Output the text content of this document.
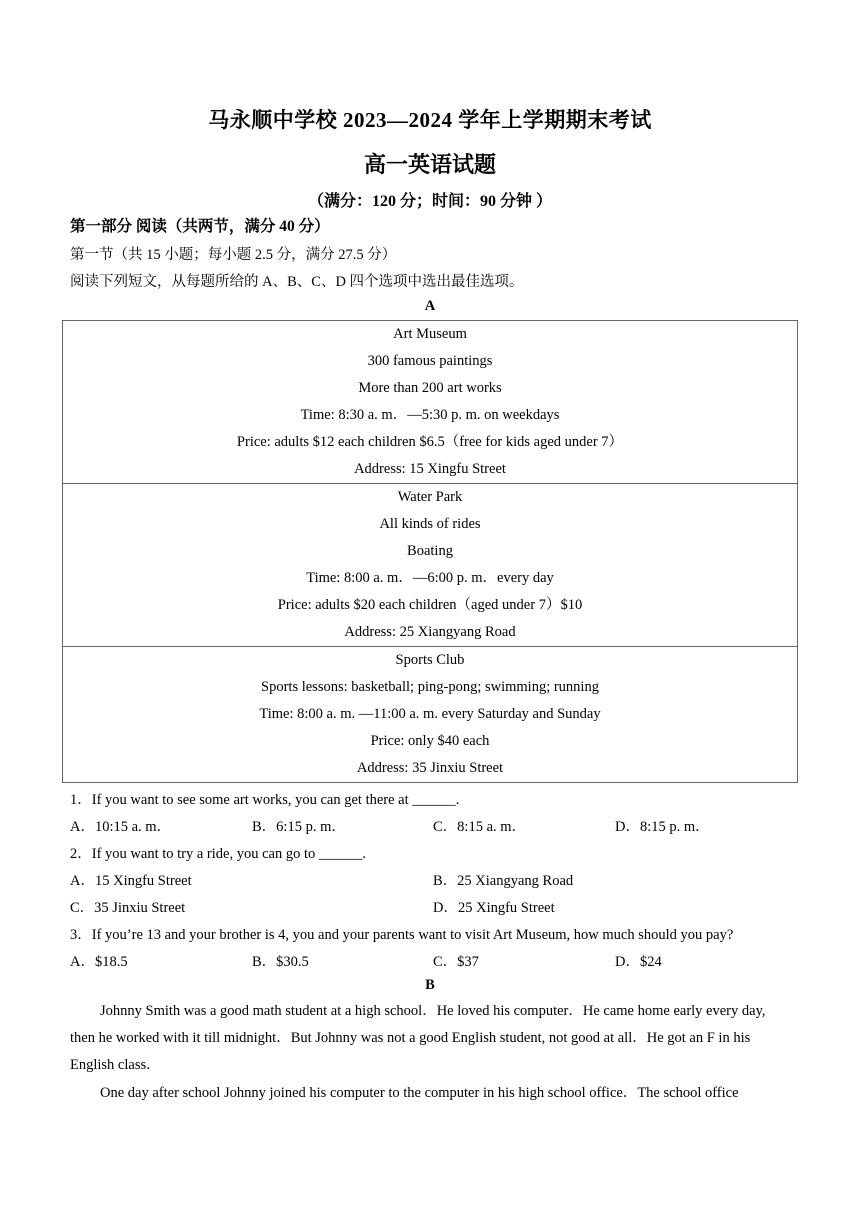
马永顺中学校 2023—2024 学年上学期期末考试
高一英语试题
（满分：120 分；时间：90 分钟 ）
第一部分 阅读（共两节，满分 40 分）
第一节（共 15 小题；每小题 2.5 分，满分 27.5 分）
阅读下列短文，从每题所给的 A、B、C、D 四个选项中选出最佳选项。
A
Art Museum
300 famous paintings
More than 200 art works
Time: 8:30 a. m．—5:30 p. m. on weekdays
Price: adults $12 each children $6.5（free for kids aged under 7）
Address: 15 Xingfu Street
Water Park
All kinds of rides
Boating
Time: 8:00 a. m．—6:00 p. m．every day
Price: adults $20 each children（aged under 7）$10
Address: 25 Xiangyang Road
Sports Club
Sports lessons: basketball; ping-pong; swimming; running
Time: 8:00 a. m. —11:00 a. m. every Saturday and Sunday
Price: only $40 each
Address: 35 Jinxiu Street
1．If you want to see some art works, you can get there at ______.
A．10:15 a. m．	B．6:15 p. m．	C．8:15 a. m．	D．8:15 p. m．
2．If you want to try a ride, you can go to ______.
A．15 Xingfu Street	B．25 Xiangyang Road
C．35 Jinxiu Street	D．25 Xingfu Street
3．If you’re 13 and your brother is 4, you and your parents want to visit Art Museum, how much should you pay?
A．$18.5	B．$30.5	C．$37	D．$24
B
Johnny Smith was a good math student at a high school．He loved his computer．He came home early every day, then he worked with it till midnight．But Johnny was not a good English student, not good at all．He got an F in his English class．
One day after school Johnny joined his computer to the computer in his high school office．The school office
